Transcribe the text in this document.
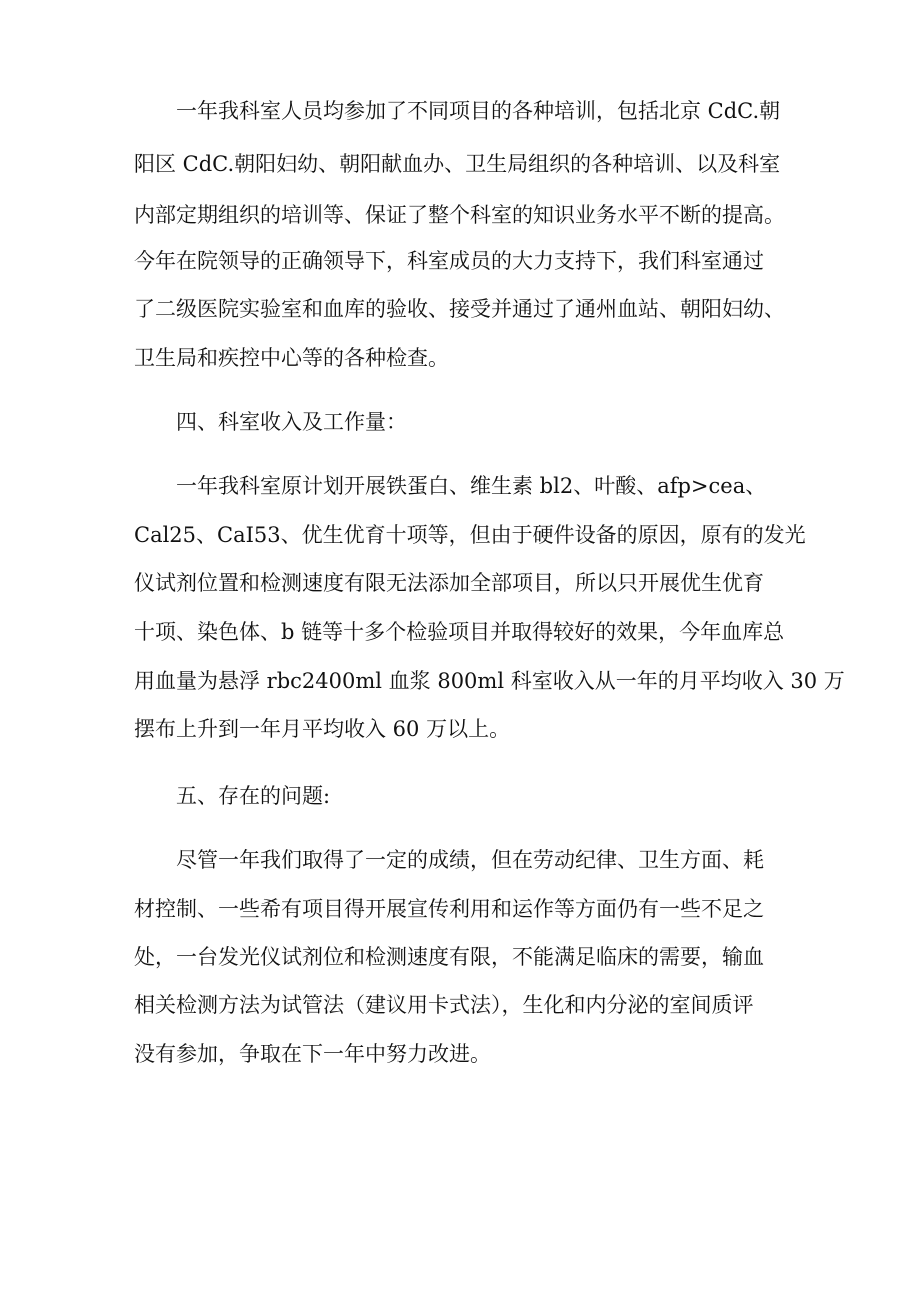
一年我科室人员均参加了不同项目的各种培训，包括北京 CdC.朝

阳区 CdC.朝阳妇幼、朝阳献血办、卫生局组织的各种培训、以及科室

内部定期组织的培训等、保证了整个科室的知识业务水平不断的提高。

今年在院领导的正确领导下，科室成员的大力支持下，我们科室通过

了二级医院实验室和血库的验收、接受并通过了通州血站、朝阳妇幼、

卫生局和疾控中心等的各种检查。

四、科室收入及工作量：

一年我科室原计划开展铁蛋白、维生素 bl2、叶酸、afp>cea、

Cal25、CaI53、优生优育十项等，但由于硬件设备的原因，原有的发光

仪试剂位置和检测速度有限无法添加全部项目，所以只开展优生优育

十项、染色体、b 链等十多个检验项目并取得较好的效果，今年血库总

用血量为悬浮 rbc2400ml 血浆 800ml 科室收入从一年的月平均收入 30 万

摆布上升到一年月平均收入 60 万以上。

五、存在的问题:

尽管一年我们取得了一定的成绩，但在劳动纪律、卫生方面、耗

材控制、一些希有项目得开展宣传利用和运作等方面仍有一些不足之

处，一台发光仪试剂位和检测速度有限，不能满足临床的需要，输血

相关检测方法为试管法（建议用卡式法），生化和内分泌的室间质评

没有参加，争取在下一年中努力改进。
